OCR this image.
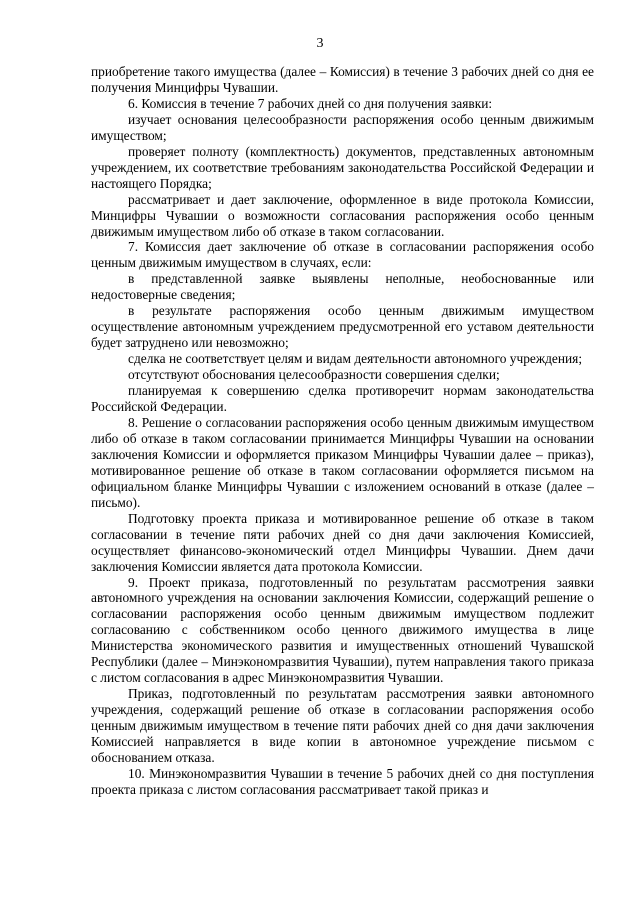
3

приобретение такого имущества (далее – Комиссия) в течение 3 рабочих дней со дня ее получения Минцифры Чувашии.

6. Комиссия в течение 7 рабочих дней со дня получения заявки:

изучает основания целесообразности распоряжения особо ценным движимым имуществом;

проверяет полноту (комплектность) документов, представленных автономным учреждением, их соответствие требованиям законодательства Российской Федерации и настоящего Порядка;

рассматривает и дает заключение, оформленное в виде протокола Комиссии, Минцифры Чувашии о возможности согласования распоряжения особо ценным движимым имуществом либо об отказе в таком согласовании.

7. Комиссия дает заключение об отказе в согласовании распоряжения особо ценным движимым имуществом в случаях, если:

в представленной заявке выявлены неполные, необоснованные или недостоверные сведения;

в результате распоряжения особо ценным движимым имуществом осуществление автономным учреждением предусмотренной его уставом деятельности будет затруднено или невозможно;

сделка не соответствует целям и видам деятельности автономного учреждения;

отсутствуют обоснования целесообразности совершения сделки;

планируемая к совершению сделка противоречит нормам законодательства Российской Федерации.

8. Решение о согласовании распоряжения особо ценным движимым имуществом либо об отказе в таком согласовании принимается Минцифры Чувашии на основании заключения Комиссии и оформляется приказом Минцифры Чувашии далее – приказ), мотивированное решение об отказе в таком согласовании оформляется письмом на официальном бланке Минцифры Чувашии с изложением оснований в отказе (далее – письмо).

Подготовку проекта приказа и мотивированное решение об отказе в таком согласовании в течение пяти рабочих дней со дня дачи заключения Комиссией, осуществляет финансово-экономический отдел Минцифры Чувашии. Днем дачи заключения Комиссии является дата протокола Комиссии.

9. Проект приказа, подготовленный по результатам рассмотрения заявки автономного учреждения на основании заключения Комиссии, содержащий решение о согласовании распоряжения особо ценным движимым имуществом подлежит согласованию с собственником особо ценного движимого имущества в лице Министерства экономического развития и имущественных отношений Чувашской Республики (далее – Минэкономразвития Чувашии), путем направления такого приказа с листом согласования в адрес Минэкономразвития Чувашии.

Приказ, подготовленный по результатам рассмотрения заявки автономного учреждения, содержащий решение об отказе в согласовании распоряжения особо ценным движимым имуществом в течение пяти рабочих дней со дня дачи заключения Комиссией направляется в виде копии в автономное учреждение письмом с обоснованием отказа.

10. Минэкономразвития Чувашии в течение 5 рабочих дней со дня поступления проекта приказа с листом согласования рассматривает такой приказ и
